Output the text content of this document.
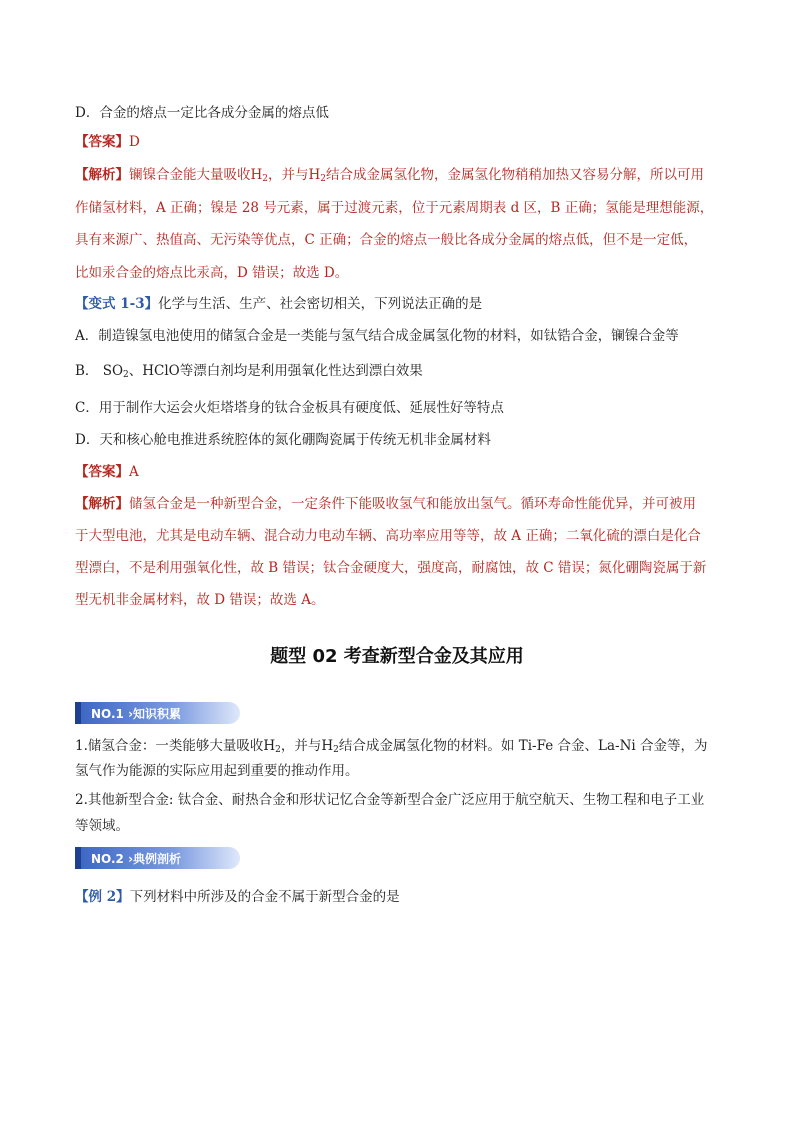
D．合金的熔点一定比各成分金属的熔点低
【答案】D
【解析】镧镍合金能大量吸收$H_2$，并与$H_2$结合成金属氢化物，金属氢化物稍稍加热又容易分解，所以可用
作储氢材料，A 正确；镍是 28 号元素，属于过渡元素，位于元素周期表 d 区，B 正确；氢能是理想能源，
具有来源广、热值高、无污染等优点，C 正确；合金的熔点一般比各成分金属的熔点低，但不是一定低，
比如汞合金的熔点比汞高，D 错误；故选 D。
【变式 1-3】化学与生活、生产、社会密切相关，下列说法正确的是
A．制造镍氢电池使用的储氢合金是一类能与氢气结合成金属氢化物的材料，如钛锆合金，镧镍合金等
B． $SO_2$、HClO等漂白剂均是利用强氧化性达到漂白效果
C．用于制作大运会火炬塔塔身的钛合金板具有硬度低、延展性好等特点
D．天和核心舱电推进系统腔体的氮化硼陶瓷属于传统无机非金属材料
【答案】A
【解析】储氢合金是一种新型合金，一定条件下能吸收氢气和能放出氢气。循环寿命性能优异，并可被用
于大型电池，尤其是电动车辆、混合动力电动车辆、高功率应用等等，故 A 正确；二氧化硫的漂白是化合
型漂白，不是利用强氧化性，故 B 错误；钛合金硬度大，强度高，耐腐蚀，故 C 错误；氮化硼陶瓷属于新
型无机非金属材料，故 D 错误；故选 A。
题型 02 考查新型合金及其应用
NO.1 ›知识积累
1.储氢合金：一类能够大量吸收$H_2$，并与$H_2$结合成金属氢化物的材料。如 Ti-Fe 合金、La-Ni 合金等，为
氢气作为能源的实际应用起到重要的推动作用。
2.其他新型合金: 钛合金、耐热合金和形状记忆合金等新型合金广泛应用于航空航天、生物工程和电子工业
等领域。
NO.2 ›典例剖析
【例 2】下列材料中所涉及的合金不属于新型合金的是
